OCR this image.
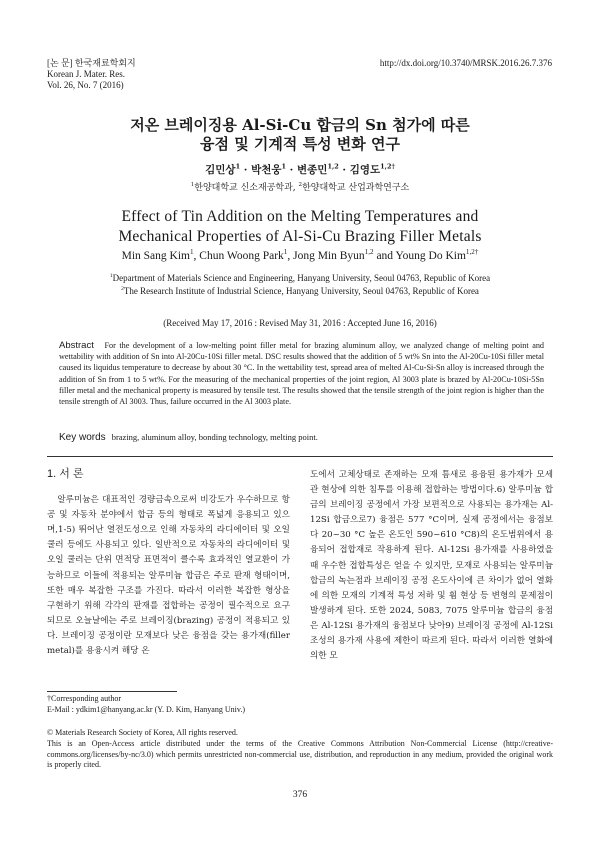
[논 문] 한국재료학회지
Korean J. Mater. Res.
Vol. 26, No. 7 (2016)
http://dx.doi.org/10.3740/MRSK.2016.26.7.376
저온 브레이징용 Al-Si-Cu 합금의 Sn 첨가에 따른
융점 및 기계적 특성 변화 연구
김민상$^1$ · 박천웅$^1$ · 변종민$^{1,2}$ · 김영도$^{1,2\dagger}$
$^1$한양대학교 신소재공학과, $^2$한양대학교 산업과학연구소
Effect of Tin Addition on the Melting Temperatures and
Mechanical Properties of Al-Si-Cu Brazing Filler Metals
Min Sang Kim$^1$, Chun Woong Park$^1$, Jong Min Byun$^{1,2}$ and Young Do Kim$^{1,2\dagger}$
$^1$Department of Materials Science and Engineering, Hanyang University, Seoul 04763, Republic of Korea
$^2$The Research Institute of Industrial Science, Hanyang University, Seoul 04763, Republic of Korea
(Received May 17, 2016 : Revised May 31, 2016 : Accepted June 16, 2016)
Abstract For the development of a low-melting point filler metal for brazing aluminum alloy, we analyzed change of melting point and wettability with addition of Sn into Al-20Cu-10Si filler metal. DSC results showed that the addition of 5 wt% Sn into the Al-20Cu-10Si filler metal caused its liquidus temperature to decrease by about 30 °C. In the wettability test, spread area of melted Al-Cu-Si-Sn alloy is increased through the addition of Sn from 1 to 5 wt%. For the measuring of the mechanical properties of the joint region, Al 3003 plate is brazed by Al-20Cu-10Si-5Sn filler metal and the mechanical property is measured by tensile test. The results showed that the tensile strength of the joint region is higher than the tensile strength of Al 3003. Thus, failure occurred in the Al 3003 plate.
Key words brazing, aluminum alloy, bonding technology, melting point.
1. 서 론

알루미늄은 대표적인 경량금속으로써 비강도가 우수하므로 항공 및 자동차 분야에서 합금 등의 형태로 폭넓게 응용되고 있으며,1-5) 뛰어난 열전도성으로 인해 자동차의 라디에이터 및 오일 쿨러 등에도 사용되고 있다. 일반적으로 자동차의 라디에이터 및 오일 쿨러는 단위 면적당 표면적이 클수록 효과적인 열교환이 가능하므로 이들에 적용되는 알루미늄 합금은 주로 판재 형태이며, 또한 매우 복잡한 구조를 가진다. 따라서 이러한 복잡한 형상을 구현하기 위해 각각의 판재를 접합하는 공정이 필수적으로 요구되므로 오늘날에는 주로 브레이징(brazing) 공정이 적용되고 있다. 브레이징 공정이란 모재보다 낮은 융점을 갖는 용가재(filler metal)를 용융시켜 해당 온

도에서 고체상태로 존재하는 모재 틈새로 용융된 용가재가 모세관 현상에 의한 침투를 이용해 접합하는 방법이다.6) 알루미늄 합금의 브레이징 공정에서 가장 보편적으로 사용되는 용가재는 Al-12Si 합금으로7) 융점은 577 °C이며, 실제 공정에서는 융점보다 20~30 °C 높은 온도인 590~610 °C8)의 온도범위에서 용융되어 접합재로 작용하게 된다. Al-12Si 용가재를 사용하였을 때 우수한 접합특성은 얻을 수 있지만, 모재로 사용되는 알루미늄 합금의 녹는점과 브레이징 공정 온도사이에 큰 차이가 없어 열화에 의한 모재의 기계적 특성 저하 및 휨 현상 등 변형의 문제점이 발생하게 된다. 또한 2024, 5083, 7075 알루미늄 합금의 융점은 Al-12Si 용가재의 융점보다 낮아9) 브레이징 공정에 Al-12Si 조성의 용가재 사용에 제한이 따르게 된다. 따라서 이러한 열화에 의한 모

†Corresponding author
E-Mail : ydkim1@hanyang.ac.kr (Y. D. Kim, Hanyang Univ.)
© Materials Research Society of Korea, All rights reserved.
This is an Open-Access article distributed under the terms of the Creative Commons Attribution Non-Commercial License (http://creative-commons.org/licenses/by-nc/3.0) which permits unrestricted non-commercial use, distribution, and reproduction in any medium, provided the original work is properly cited.
376
